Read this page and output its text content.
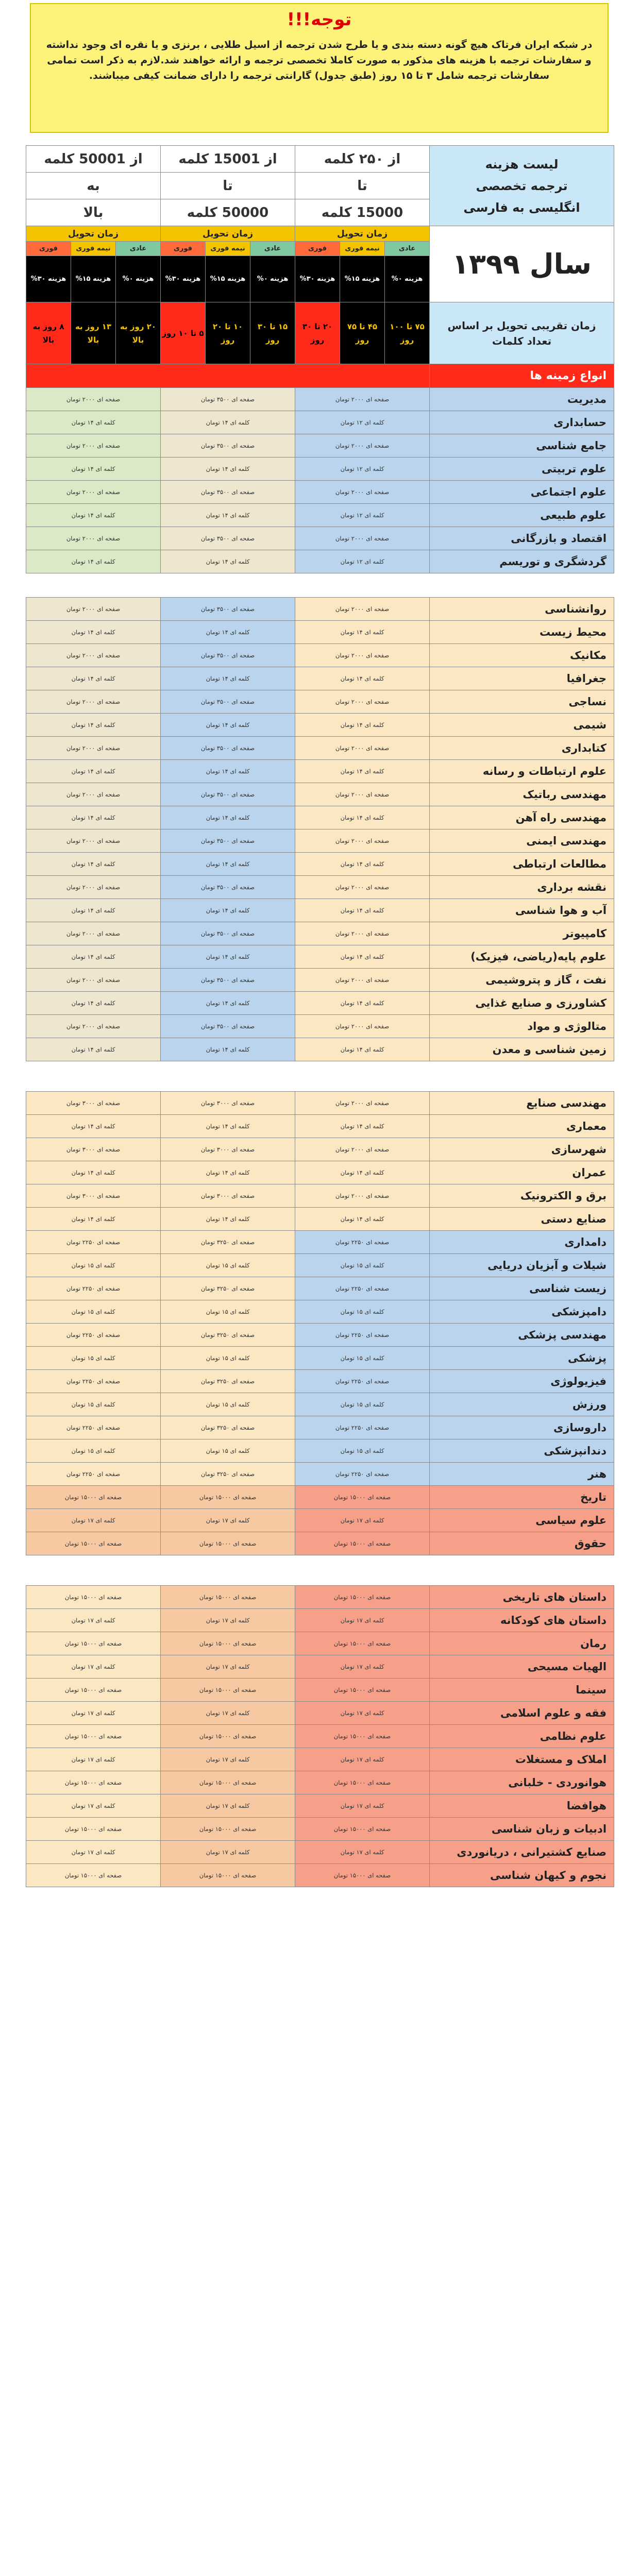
توجه!!!

در شبکه ایران فرتاک هیچ گونه دسته بندی و یا طرح شدن ترجمه از اسیل طلایی ، برنزی و یا نقره ای وجود نداشته و سفارشات ترجمه با هزینه های مذکور به صورت کاملا تخصصی ترجمه و ارائه خواهند شد.لازم به ذکر است تمامی سفارشات ترجمه شامل ۳ تا ۱۵ روز (طبق جدول) گارانتی ترجمه را دارای ضمانت کیفی میباشند.

از 50001 کلمه			از 15001 کلمه			از ۲۵۰ کلمه			لیست هزینه
ترجمه تخصصی
انگلیسی به فارسی

به			تا			تا			
بالا			50000 کلمه			15000 کلمه			
زمان تحویل			زمان تحویل			زمان تحویل			سال ۱۳۹۹
فوری	نیمه فوری	عادی	فوری	نیمه فوری	عادی	فوری	نیمه فوری	عادی	
هزینه ۳۰%	هزینه ۱۵%	هزینه ۰%	هزینه ۳۰%	هزینه ۱۵%	هزینه ۰%	هزینه ۳۰%	هزینه ۱۵%	هزینه ۰%	
۸ روز به بالا	۱۳ روز به بالا	۲۰ روز به بالا	۵ تا ۱۰ روز	۱۰ تا ۲۰ روز	۱۵ تا ۳۰ روز	۲۰ تا ۳۰ روز	۴۵ تا ۷۵ روز	۷۵ تا ۱۰۰ روز	زمان تقریبی تحویل بر اساس تعداد کلمات
									انواع زمینه ها
صفحه ای ۲۰۰۰ تومان			صفحه ای ۳۵۰۰ تومان			صفحه ای ۲۰۰۰ تومان			مدیریت
کلمه ای ۱۴ تومان			کلمه ای ۱۴ تومان			کلمه ای ۱۲ تومان			حسابداری
صفحه ای ۲۰۰۰ تومان			صفحه ای ۳۵۰۰ تومان			صفحه ای ۲۰۰۰ تومان			جامع شناسی
کلمه ای ۱۴ تومان			کلمه ای ۱۴ تومان			کلمه ای ۱۲ تومان			علوم تربیتی
صفحه ای ۲۰۰۰ تومان			صفحه ای ۳۵۰۰ تومان			صفحه ای ۲۰۰۰ تومان			علوم اجتماعی
کلمه ای ۱۴ تومان			کلمه ای ۱۴ تومان			کلمه ای ۱۲ تومان			علوم طبیعی
صفحه ای ۲۰۰۰ تومان			صفحه ای ۳۵۰۰ تومان			صفحه ای ۲۰۰۰ تومان			اقتصاد و بازرگانی
کلمه ای ۱۴ تومان			کلمه ای ۱۴ تومان			کلمه ای ۱۲ تومان			گردشگری و توریسم

صفحه ای ۲۰۰۰ تومان			صفحه ای ۳۵۰۰ تومان			صفحه ای ۲۰۰۰ تومان			روانشناسی
کلمه ای ۱۴ تومان			کلمه ای ۱۴ تومان			کلمه ای ۱۴ تومان			محیط زیست
صفحه ای ۲۰۰۰ تومان			صفحه ای ۳۵۰۰ تومان			صفحه ای ۲۰۰۰ تومان			مکانیک
کلمه ای ۱۴ تومان			کلمه ای ۱۴ تومان			کلمه ای ۱۴ تومان			جغرافیا
صفحه ای ۲۰۰۰ تومان			صفحه ای ۳۵۰۰ تومان			صفحه ای ۲۰۰۰ تومان			نساجی
کلمه ای ۱۴ تومان			کلمه ای ۱۴ تومان			کلمه ای ۱۴ تومان			شیمی
صفحه ای ۲۰۰۰ تومان			صفحه ای ۳۵۰۰ تومان			صفحه ای ۲۰۰۰ تومان			کتابداری
کلمه ای ۱۴ تومان			کلمه ای ۱۴ تومان			کلمه ای ۱۴ تومان			علوم ارتباطات و رسانه
صفحه ای ۲۰۰۰ تومان			صفحه ای ۳۵۰۰ تومان			صفحه ای ۲۰۰۰ تومان			مهندسی رباتیک
کلمه ای ۱۴ تومان			کلمه ای ۱۴ تومان			کلمه ای ۱۴ تومان			مهندسی راه آهن
صفحه ای ۲۰۰۰ تومان			صفحه ای ۳۵۰۰ تومان			صفحه ای ۲۰۰۰ تومان			مهندسی ایمنی
کلمه ای ۱۴ تومان			کلمه ای ۱۴ تومان			کلمه ای ۱۴ تومان			مطالعات ارتباطی
صفحه ای ۲۰۰۰ تومان			صفحه ای ۳۵۰۰ تومان			صفحه ای ۲۰۰۰ تومان			نقشه برداری
کلمه ای ۱۴ تومان			کلمه ای ۱۴ تومان			کلمه ای ۱۴ تومان			آب و هوا شناسی
صفحه ای ۲۰۰۰ تومان			صفحه ای ۳۵۰۰ تومان			صفحه ای ۲۰۰۰ تومان			کامپیوتر
کلمه ای ۱۴ تومان			کلمه ای ۱۴ تومان			کلمه ای ۱۴ تومان			علوم پایه(ریاضی، فیزیک)
صفحه ای ۲۰۰۰ تومان			صفحه ای ۳۵۰۰ تومان			صفحه ای ۲۰۰۰ تومان			نفت ، گاز و پتروشیمی
کلمه ای ۱۴ تومان			کلمه ای ۱۴ تومان			کلمه ای ۱۴ تومان			کشاورزی و صنایع غذایی
صفحه ای ۲۰۰۰ تومان			صفحه ای ۳۵۰۰ تومان			صفحه ای ۲۰۰۰ تومان			متالوژی و مواد
کلمه ای ۱۴ تومان			کلمه ای ۱۴ تومان			کلمه ای ۱۴ تومان			زمین شناسی و معدن

صفحه ای ۳۰۰۰ تومان			صفحه ای ۳۰۰۰ تومان			صفحه ای ۲۰۰۰ تومان			مهندسی صنایع
کلمه ای ۱۴ تومان			کلمه ای ۱۴ تومان			کلمه ای ۱۴ تومان			معماری
صفحه ای ۳۰۰۰ تومان			صفحه ای ۳۰۰۰ تومان			صفحه ای ۲۰۰۰ تومان			شهرسازی
کلمه ای ۱۴ تومان			کلمه ای ۱۴ تومان			کلمه ای ۱۴ تومان			عمران
صفحه ای ۳۰۰۰ تومان			صفحه ای ۳۰۰۰ تومان			صفحه ای ۲۰۰۰ تومان			برق و الکترونیک
کلمه ای ۱۴ تومان			کلمه ای ۱۴ تومان			کلمه ای ۱۴ تومان			صنایع دستی
صفحه ای ۲۲۵۰ تومان			صفحه ای ۳۲۵۰ تومان			صفحه ای ۲۲۵۰ تومان			دامداری
کلمه ای ۱۵ تومان			کلمه ای ۱۵ تومان			کلمه ای ۱۵ تومان			شیلات و آبزیان دریایی
صفحه ای ۲۲۵۰ تومان			صفحه ای ۳۲۵۰ تومان			صفحه ای ۲۲۵۰ تومان			زیست شناسی
کلمه ای ۱۵ تومان			کلمه ای ۱۵ تومان			کلمه ای ۱۵ تومان			دامپزشکی
صفحه ای ۲۲۵۰ تومان			صفحه ای ۳۲۵۰ تومان			صفحه ای ۲۲۵۰ تومان			مهندسی پزشکی
کلمه ای ۱۵ تومان			کلمه ای ۱۵ تومان			کلمه ای ۱۵ تومان			پزشکی
صفحه ای ۲۲۵۰ تومان			صفحه ای ۳۲۵۰ تومان			صفحه ای ۲۲۵۰ تومان			فیزیولوژی
کلمه ای ۱۵ تومان			کلمه ای ۱۵ تومان			کلمه ای ۱۵ تومان			ورزش
صفحه ای ۲۲۵۰ تومان			صفحه ای ۳۲۵۰ تومان			صفحه ای ۲۲۵۰ تومان			داروسازی
کلمه ای ۱۵ تومان			کلمه ای ۱۵ تومان			کلمه ای ۱۵ تومان			دندانپزشکی
صفحه ای ۲۲۵۰ تومان			صفحه ای ۳۲۵۰ تومان			صفحه ای ۲۲۵۰ تومان			هنر
صفحه ای ۱۵۰۰۰ تومان			صفحه ای ۱۵۰۰۰ تومان			صفحه ای ۱۵۰۰۰ تومان			تاریخ
کلمه ای ۱۷ تومان			کلمه ای ۱۷ تومان			کلمه ای ۱۷ تومان			علوم سیاسی
صفحه ای ۱۵۰۰۰ تومان			صفحه ای ۱۵۰۰۰ تومان			صفحه ای ۱۵۰۰۰ تومان			حقوق

صفحه ای ۱۵۰۰۰ تومان			صفحه ای ۱۵۰۰۰ تومان			صفحه ای ۱۵۰۰۰ تومان			داستان های تاریخی
کلمه ای ۱۷ تومان			کلمه ای ۱۷ تومان			کلمه ای ۱۷ تومان			داستان های کودکانه
صفحه ای ۱۵۰۰۰ تومان			صفحه ای ۱۵۰۰۰ تومان			صفحه ای ۱۵۰۰۰ تومان			رمان
کلمه ای ۱۷ تومان			کلمه ای ۱۷ تومان			کلمه ای ۱۷ تومان			الهیات مسیحی
صفحه ای ۱۵۰۰۰ تومان			صفحه ای ۱۵۰۰۰ تومان			صفحه ای ۱۵۰۰۰ تومان			سینما
کلمه ای ۱۷ تومان			کلمه ای ۱۷ تومان			کلمه ای ۱۷ تومان			فقه و علوم اسلامی
صفحه ای ۱۵۰۰۰ تومان			صفحه ای ۱۵۰۰۰ تومان			صفحه ای ۱۵۰۰۰ تومان			علوم نظامی
کلمه ای ۱۷ تومان			کلمه ای ۱۷ تومان			کلمه ای ۱۷ تومان			املاک و مستغلات
صفحه ای ۱۵۰۰۰ تومان			صفحه ای ۱۵۰۰۰ تومان			صفحه ای ۱۵۰۰۰ تومان			هوانوردی - خلبانی
کلمه ای ۱۷ تومان			کلمه ای ۱۷ تومان			کلمه ای ۱۷ تومان			هوافضا
صفحه ای ۱۵۰۰۰ تومان			صفحه ای ۱۵۰۰۰ تومان			صفحه ای ۱۵۰۰۰ تومان			ادبیات و زبان شناسی
کلمه ای ۱۷ تومان			کلمه ای ۱۷ تومان			کلمه ای ۱۷ تومان			صنایع کشتیرانی ، دریانوردی
صفحه ای ۱۵۰۰۰ تومان			صفحه ای ۱۵۰۰۰ تومان			صفحه ای ۱۵۰۰۰ تومان			نجوم و کیهان شناسی
